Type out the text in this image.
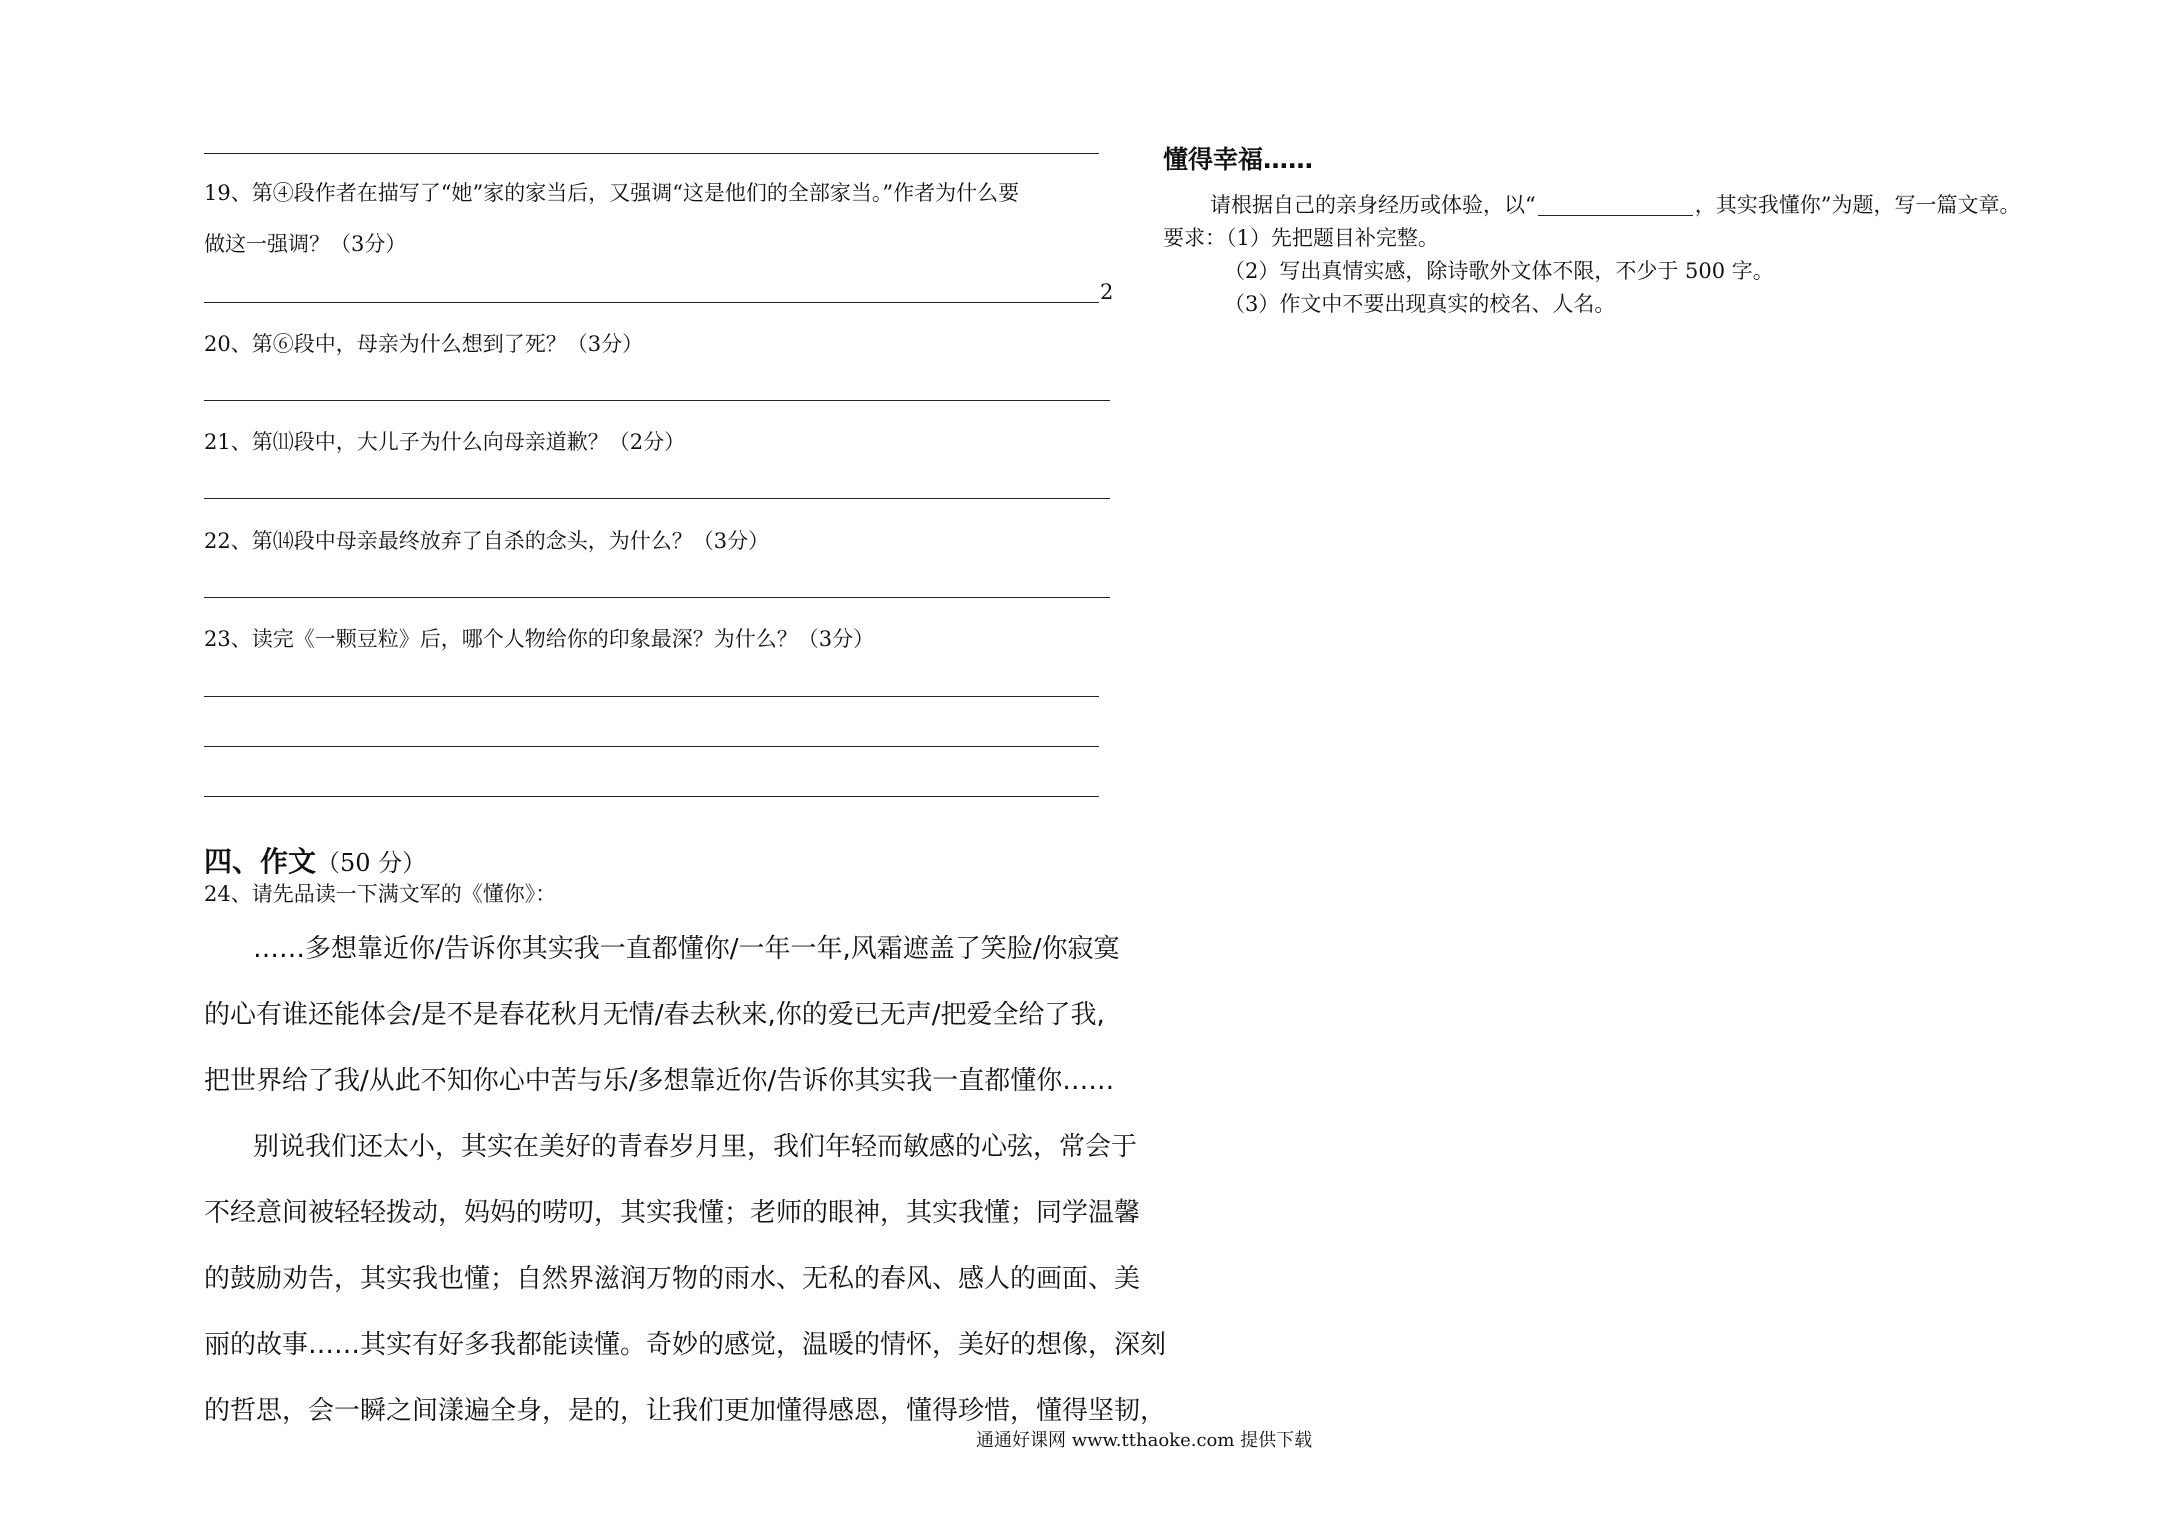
19、第④段作者在描写了“她”家的家当后，又强调“这是他们的全部家当。”作者为什么要
做这一强调？（3分）
2
20、第⑥段中，母亲为什么想到了死？（3分）
21、第⑾段中，大儿子为什么向母亲道歉？（2分）
22、第⒁段中母亲最终放弃了自杀的念头，为什么？（3分）
23、读完《一颗豆粒》后，哪个人物给你的印象最深？为什么？（3分）
四、作文（50 分）
24、请先品读一下满文军的《懂你》：
……多想靠近你∕告诉你其实我一直都懂你∕一年一年,风霜遮盖了笑脸∕你寂寞
的心有谁还能体会∕是不是春花秋月无情∕春去秋来,你的爱已无声∕把爱全给了我,
把世界给了我∕从此不知你心中苦与乐∕多想靠近你∕告诉你其实我一直都懂你……
别说我们还太小，其实在美好的青春岁月里，我们年轻而敏感的心弦，常会于
不经意间被轻轻拨动，妈妈的唠叨，其实我懂；老师的眼神，其实我懂；同学温馨
的鼓励劝告，其实我也懂；自然界滋润万物的雨水、无私的春风、感人的画面、美
丽的故事……其实有好多我都能读懂。奇妙的感觉，温暖的情怀，美好的想像，深刻
的哲思，会一瞬之间漾遍全身，是的，让我们更加懂得感恩，懂得珍惜，懂得坚韧，
懂得幸福……
请根据自己的亲身经历或体验，以“	，其实我懂你”为题，写一篇文章。
要求：（1）先把题目补完整。
（2）写出真情实感，除诗歌外文体不限，不少于 500 字。
（3）作文中不要出现真实的校名、人名。
通通好课网 www.tthaoke.com 提供下载
